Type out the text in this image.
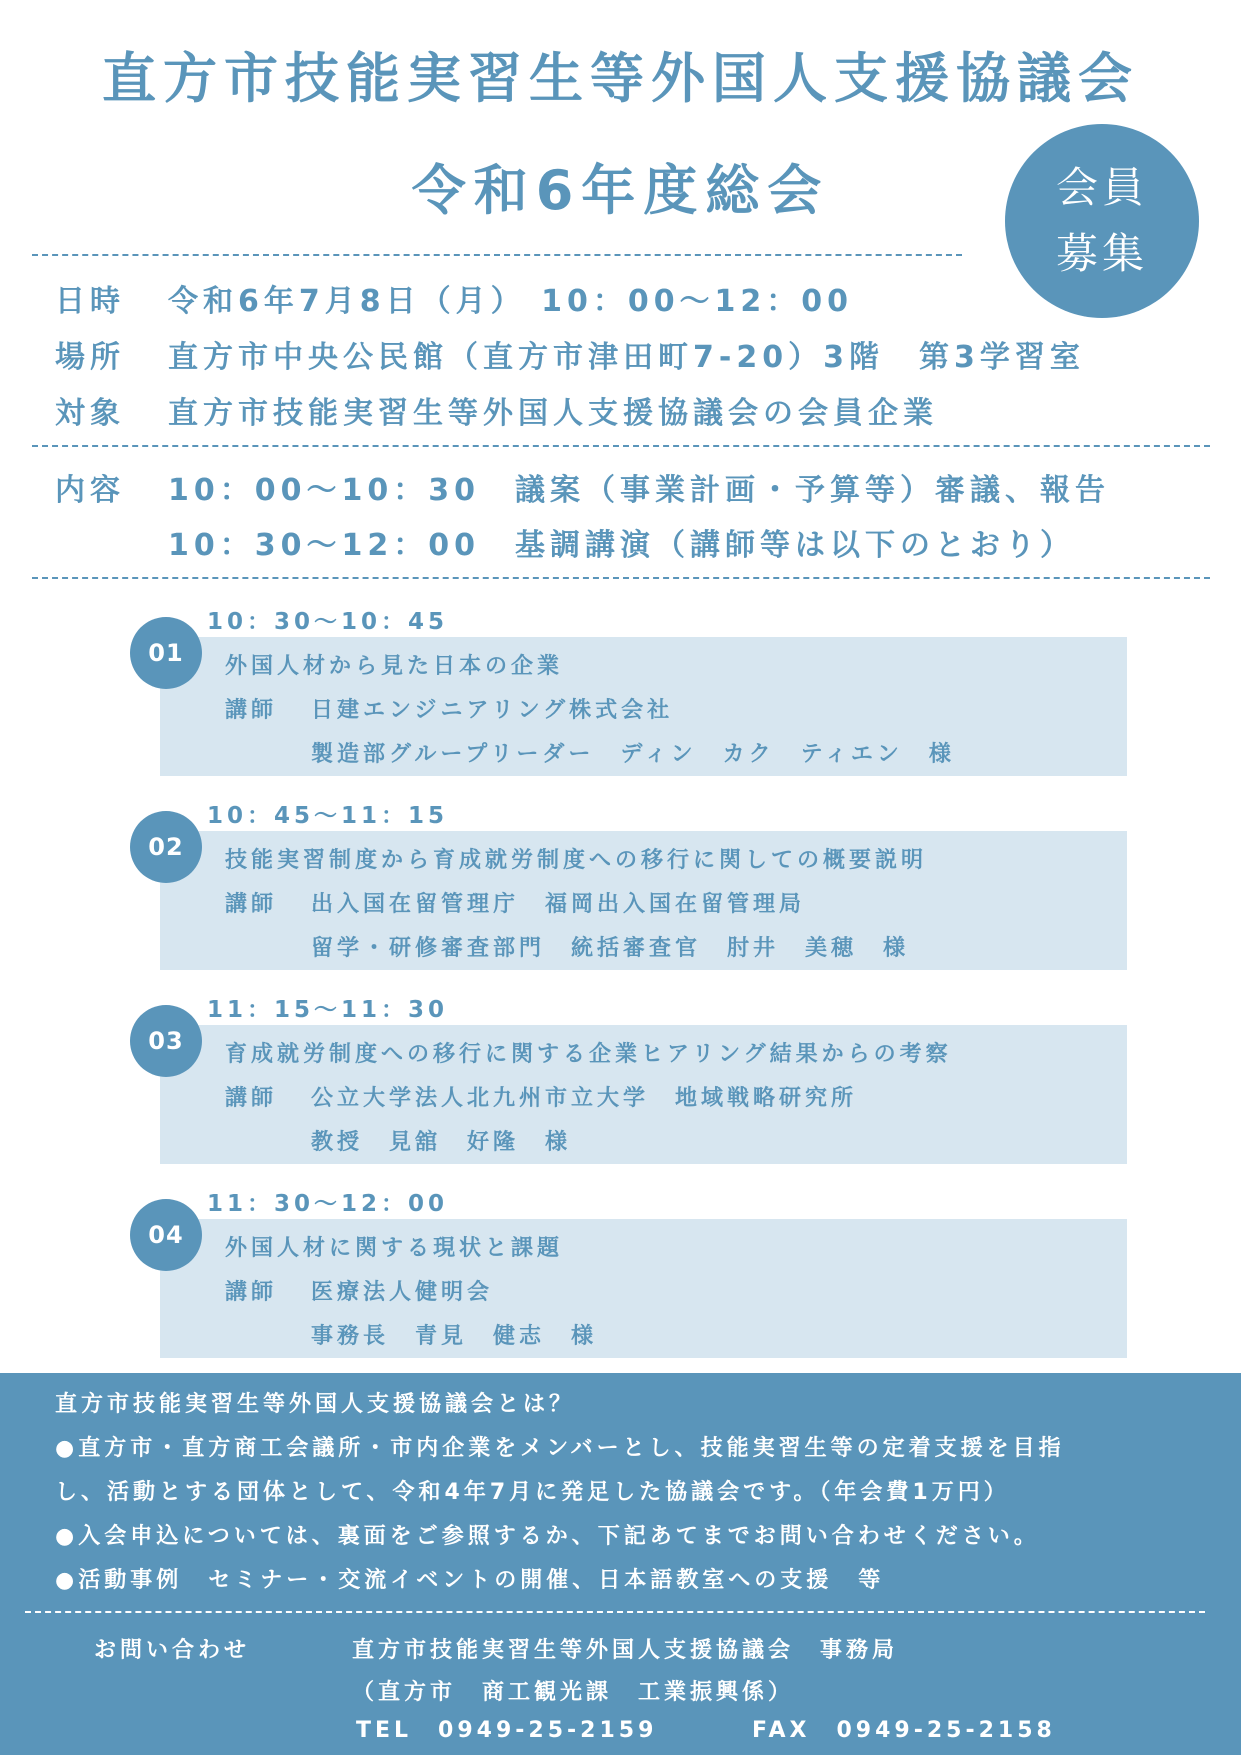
直方市技能実習生等外国人支援協議会
令和6年度総会	会員
募集
日時 令和6年7月8日（月） 10：00～12：00
場所 直方市中央公民館（直方市津田町7-20）3階　第3学習室
対象 直方市技能実習生等外国人支援協議会の会員企業
内容 10：00～10：30　議案（事業計画・予算等）審議、報告
10：30～12：00　基調講演（講師等は以下のとおり）
10：30～10：45
01	外国人材から見た日本の企業
講師 日建エンジニアリング株式会社
製造部グループリーダー　ディン　カク　ティエン　様
10：45～11：15
02	技能実習制度から育成就労制度への移行に関しての概要説明
講師 出入国在留管理庁　福岡出入国在留管理局
留学・研修審査部門　統括審査官　肘井　美穂　様
11：15～11：30
03	育成就労制度への移行に関する企業ヒアリング結果からの考察
講師 公立大学法人北九州市立大学　地域戦略研究所
教授　見舘　好隆　様
11：30～12：00
04	外国人材に関する現状と課題
講師 医療法人健明会
事務長　青見　健志　様
直方市技能実習生等外国人支援協議会とは？
●直方市・直方商工会議所・市内企業をメンバーとし、技能実習生等の定着支援を目指
し、活動とする団体として、令和4年7月に発足した協議会です。（年会費1万円）
●入会申込については、裏面をご参照するか、下記あてまでお問い合わせください。
●活動事例　セミナー・交流イベントの開催、日本語教室への支援　等
お問い合わせ	直方市技能実習生等外国人支援協議会　事務局
（直方市　商工観光課　工業振興係）
TEL　0949-25-2159	FAX　0949-25-2158
